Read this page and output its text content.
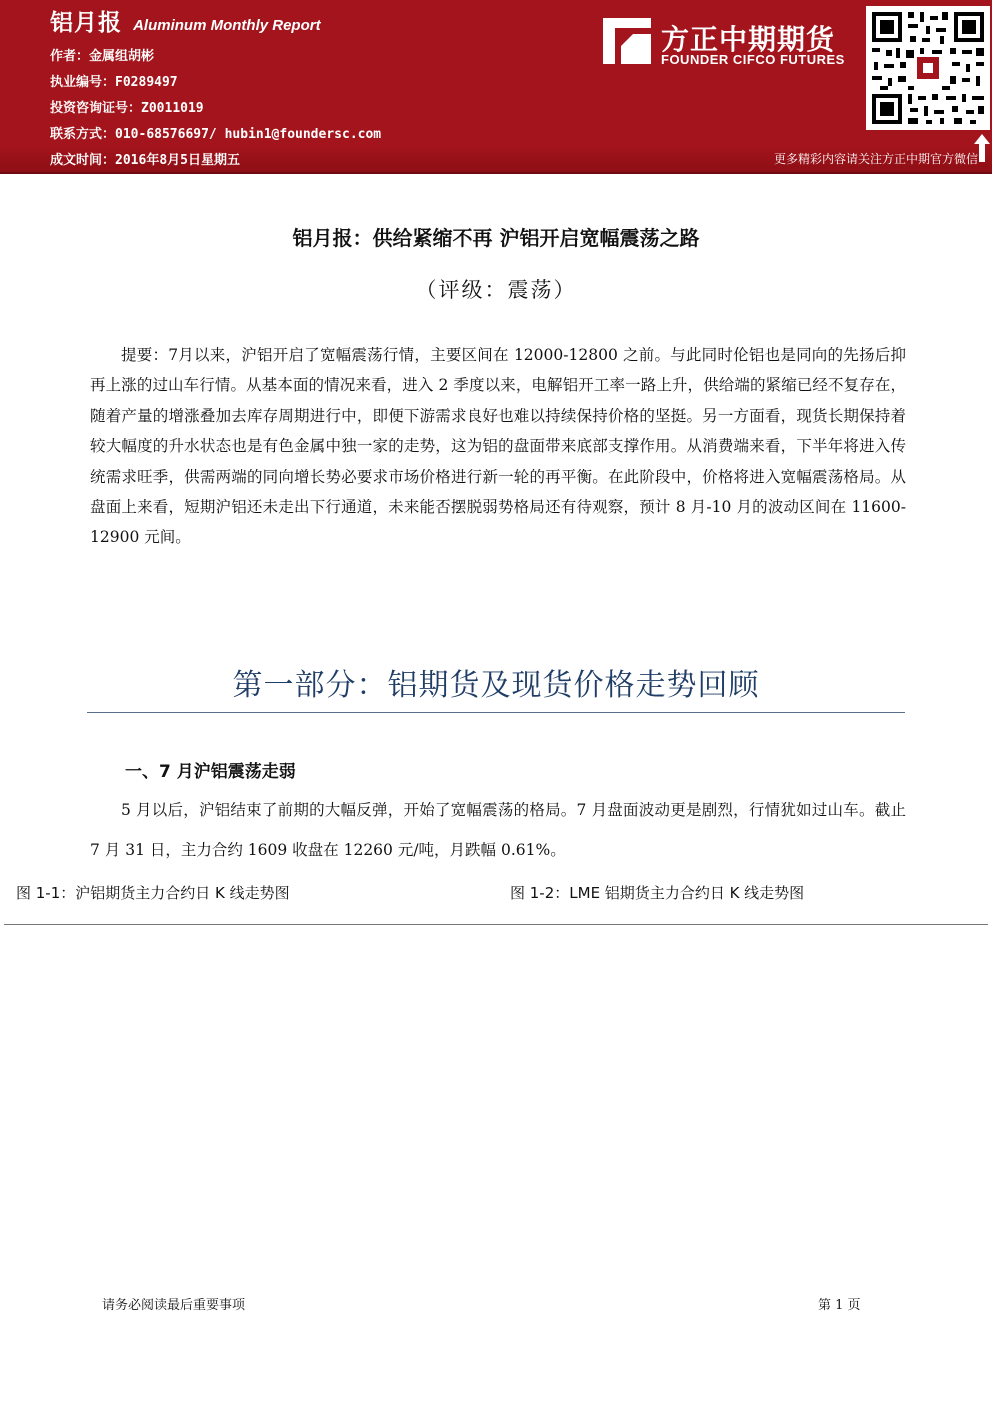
铝月报 Aluminum Monthly Report
作者：金属组胡彬
执业编号：F0289497
投资咨询证号：Z0011019
联系方式：010-68576697/ hubin1@foundersc.com
成文时间：2016年8月5日星期五
方正中期期货
FOUNDER CIFCO FUTURES
更多精彩内容请关注方正中期官方微信
铝月报：供给紧缩不再 沪铝开启宽幅震荡之路
（评级：震荡）
提要：7月以来，沪铝开启了宽幅震荡行情，主要区间在 12000-12800 之前。与此同时伦铝也是同向的先扬后抑再上涨的过山车行情。从基本面的情况来看，进入 2 季度以来，电解铝开工率一路上升，供给端的紧缩已经不复存在，随着产量的增涨叠加去库存周期进行中，即便下游需求良好也难以持续保持价格的坚挺。另一方面看，现货长期保持着较大幅度的升水状态也是有色金属中独一家的走势，这为铝的盘面带来底部支撑作用。从消费端来看，下半年将进入传统需求旺季，供需两端的同向增长势必要求市场价格进行新一轮的再平衡。在此阶段中，价格将进入宽幅震荡格局。从盘面上来看，短期沪铝还未走出下行通道，未来能否摆脱弱势格局还有待观察，预计 8 月-10 月的波动区间在 11600-12900 元间。
第一部分：铝期货及现货价格走势回顾
一、7 月沪铝震荡走弱
5 月以后，沪铝结束了前期的大幅反弹，开始了宽幅震荡的格局。7 月盘面波动更是剧烈，行情犹如过山车。截止 7 月 31 日，主力合约 1609 收盘在 12260 元/吨，月跌幅 0.61%。
图 1-1：沪铝期货主力合约日 K 线走势图	图 1-2：LME 铝期货主力合约日 K 线走势图
请务必阅读最后重要事项	第 1 页
